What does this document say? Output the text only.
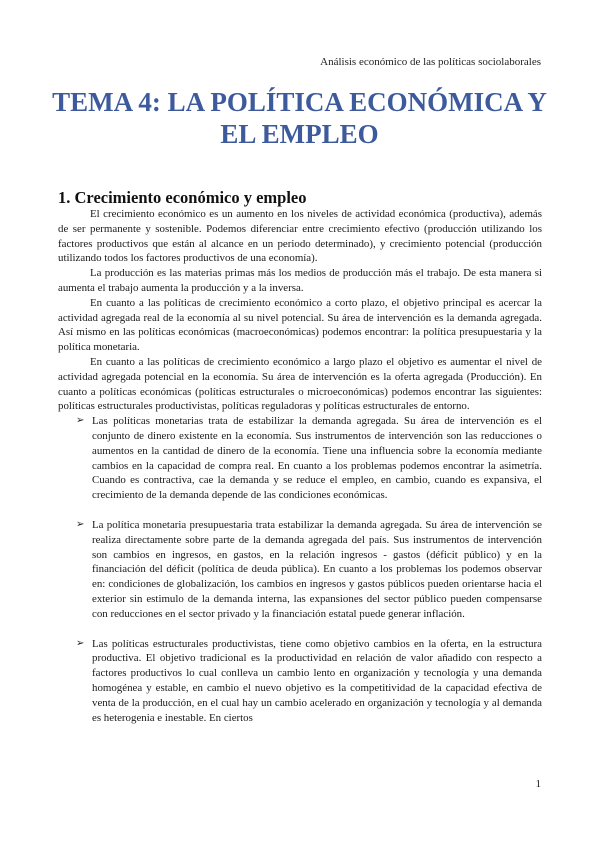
Análisis económico de las políticas sociolaborales
TEMA 4: LA POLÍTICA ECONÓMICA Y
EL EMPLEO
1. Crecimiento económico y empleo

El crecimiento económico es un aumento en los niveles de actividad económica (productiva), además de ser permanente y sostenible. Podemos diferenciar entre crecimiento efectivo (producción utilizando los factores productivos que están al alcance en un periodo determinado), y crecimiento potencial (producción utilizando todos los factores productivos de una economía).

La producción es las materias primas más los medios de producción más el trabajo. De esta manera si aumenta el trabajo aumenta la producción y a la inversa.

En cuanto a las políticas de crecimiento económico a corto plazo, el objetivo principal es acercar la actividad agregada real de la economía al su nivel potencial. Su área de intervención es la demanda agregada. Así mismo en las políticas económicas (macroeconómicas) podemos encontrar: la política presupuestaria y la política monetaria.

En cuanto a las políticas de crecimiento económico a largo plazo el objetivo es aumentar el nivel de actividad agregada potencial en la economía. Su área de intervención es la oferta agregada (Producción). En cuanto a políticas económicas (políticas estructurales o microeconómicas) podemos encontrar las siguientes: políticas estructurales productivistas, políticas reguladoras y políticas estructurales de entorno.

➢ Las políticas monetarias trata de estabilizar la demanda agregada. Su área de intervención es el conjunto de dinero existente en la economía. Sus instrumentos de intervención son las reducciones o aumentos en la cantidad de dinero de la economía. Tiene una influencia sobre la economía mediante cambios en la capacidad de compra real. En cuanto a los problemas podemos encontrar la asimetría. Cuando es contractiva, cae la demanda y se reduce el empleo, en cambio, cuando es expansiva, el crecimiento de la demanda depende de las condiciones económicas.
➢ La política monetaria presupuestaria trata estabilizar la demanda agregada. Su área de intervención se realiza directamente sobre parte de la demanda agregada del país. Sus instrumentos de intervención son cambios en ingresos, en gastos, en la relación ingresos - gastos (déficit público) y en la financiación del déficit (política de deuda pública). En cuanto a los problemas los podemos observar en: condiciones de globalización, los cambios en ingresos y gastos públicos pueden orientarse hacia el exterior sin estimulo de la demanda interna, las expansiones del sector público pueden compensarse con reducciones en el sector privado y la financiación estatal puede generar inflación.
➢ Las políticas estructurales productivistas, tiene como objetivo cambios en la oferta, en la estructura productiva. El objetivo tradicional es la productividad en relación de valor añadido con respecto a factores productivos lo cual conlleva un cambio lento en organización y tecnología y una demanda homogénea y estable, en cambio el nuevo objetivo es la competitividad de la capacidad efectiva de venta de la producción, en el cual hay un cambio acelerado en organización y tecnología y al demanda es heterogenia e inestable. En ciertos
1
